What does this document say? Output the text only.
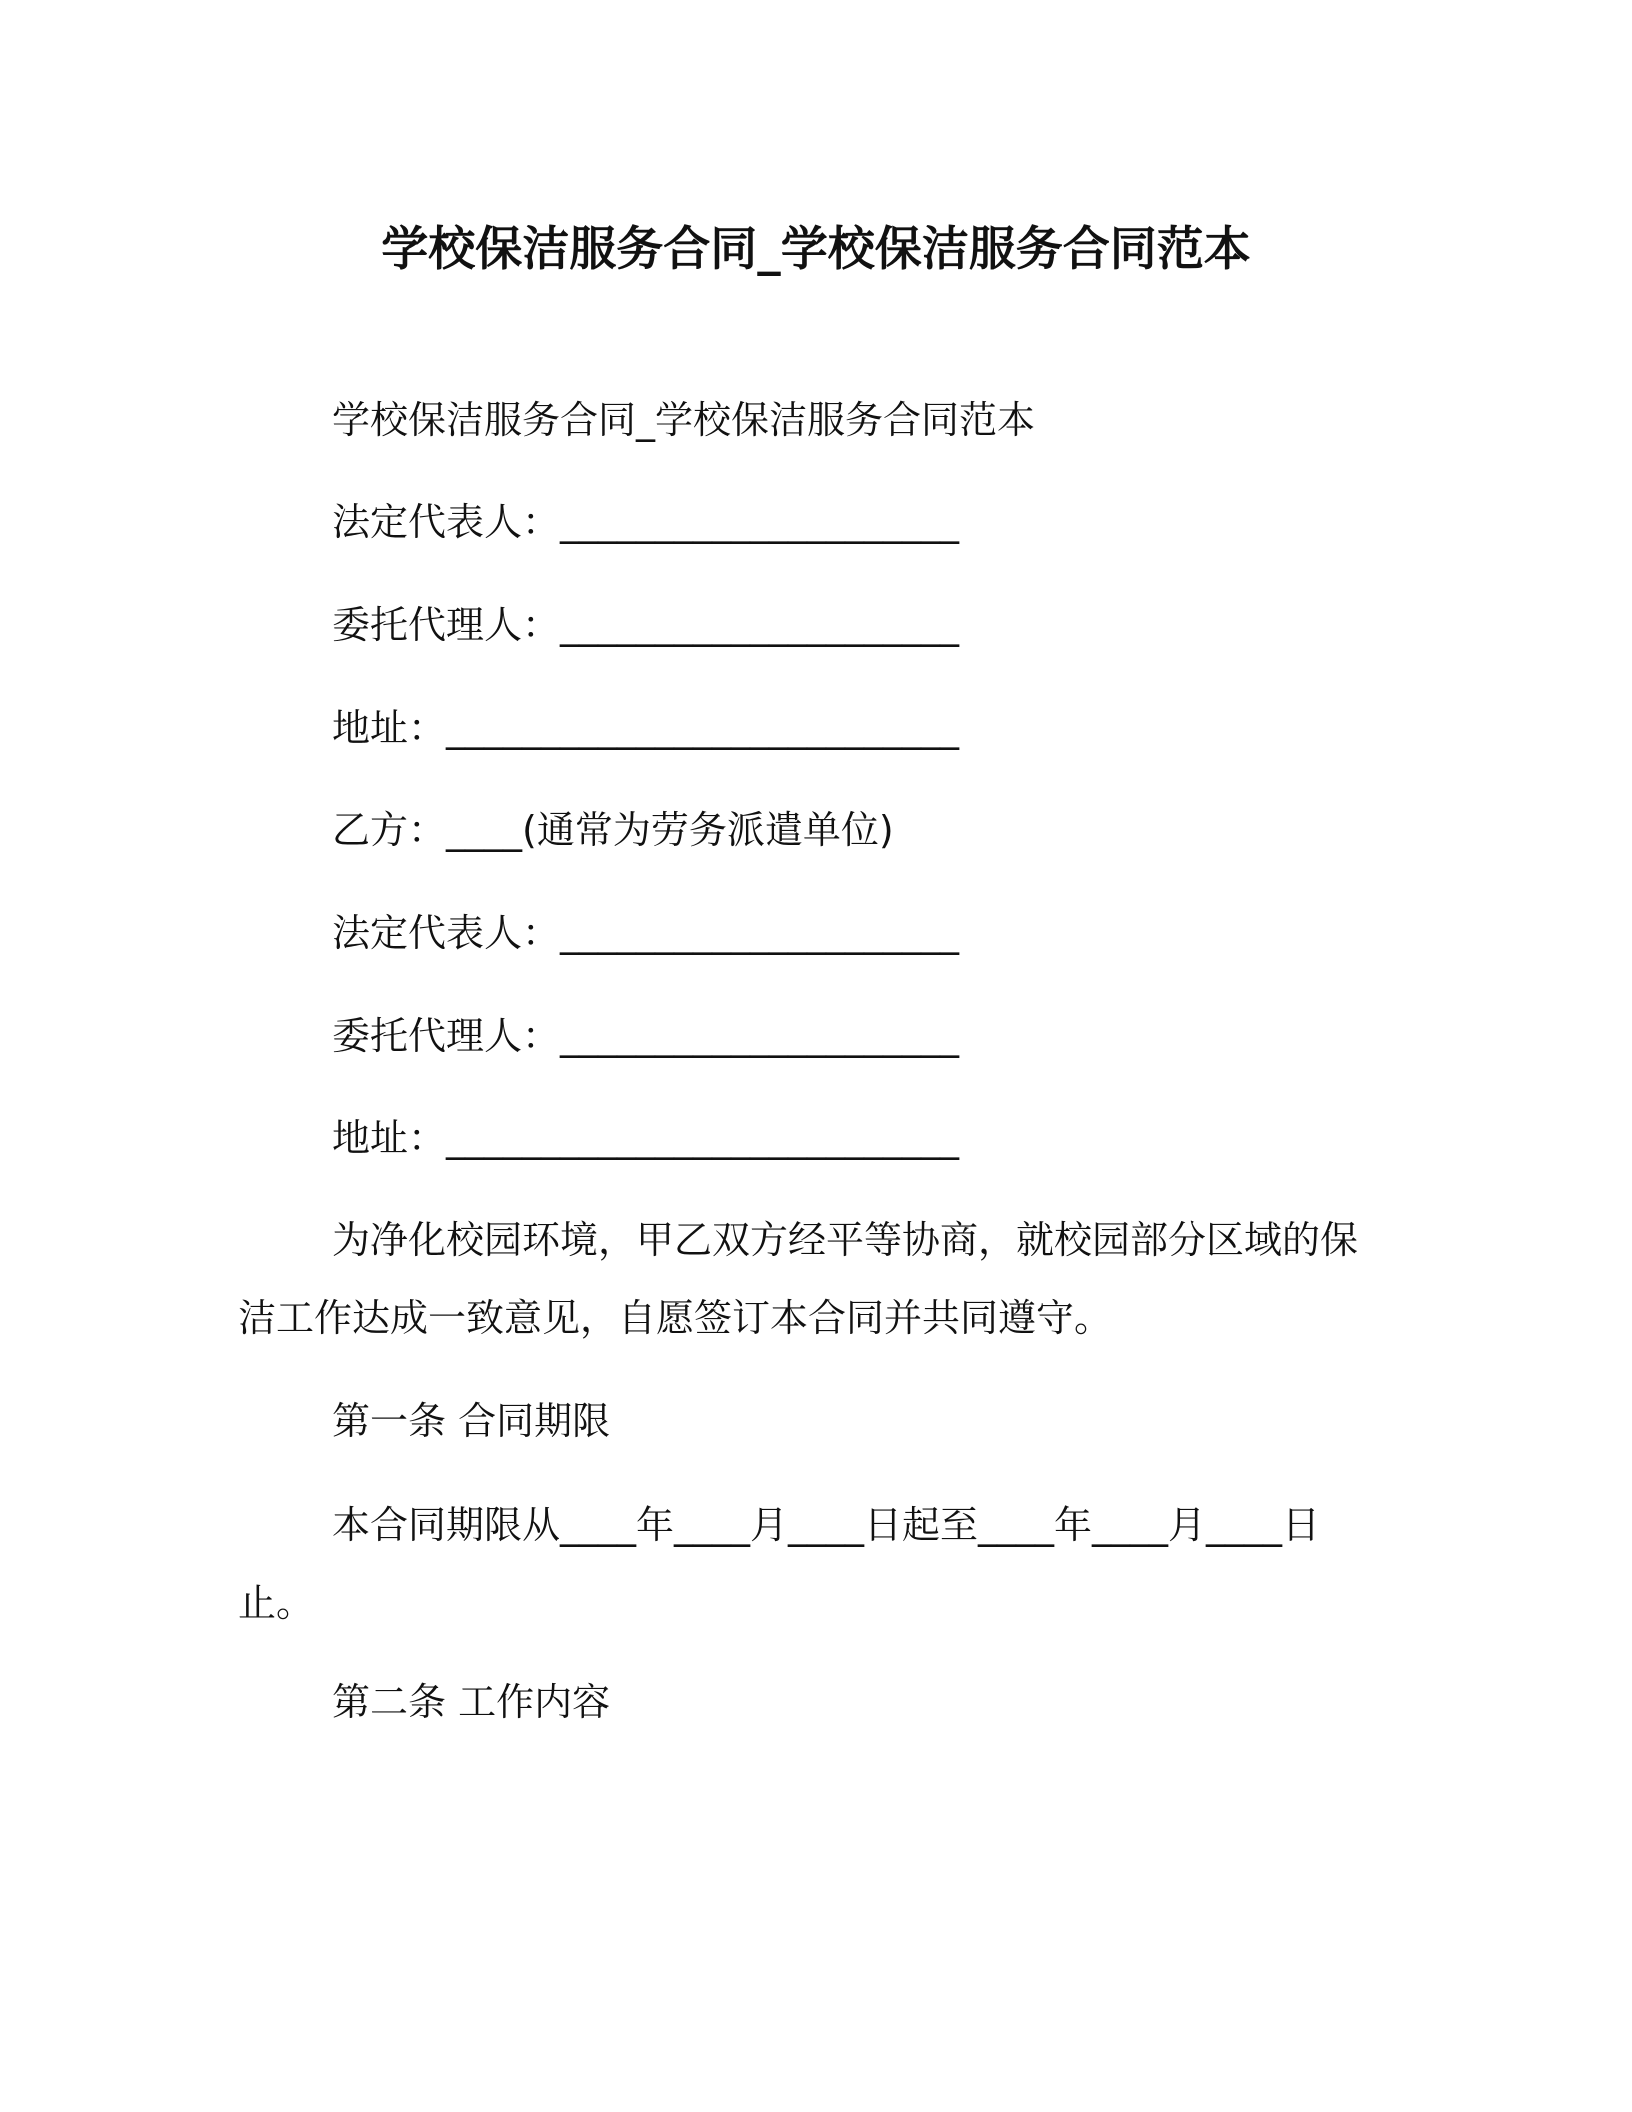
学校保洁服务合同_学校保洁服务合同范本
学校保洁服务合同_学校保洁服务合同范本
法定代表人：_____________________
委托代理人：_____________________
地址：___________________________
乙方：____(通常为劳务派遣单位)
法定代表人：_____________________
委托代理人：_____________________
地址：___________________________
为净化校园环境，甲乙双方经平等协商，就校园部分区域的保洁工作达成一致意见，自愿签订本合同并共同遵守。
第一条 合同期限
本合同期限从____年____月____日起至____年____月____日止。
第二条 工作内容
